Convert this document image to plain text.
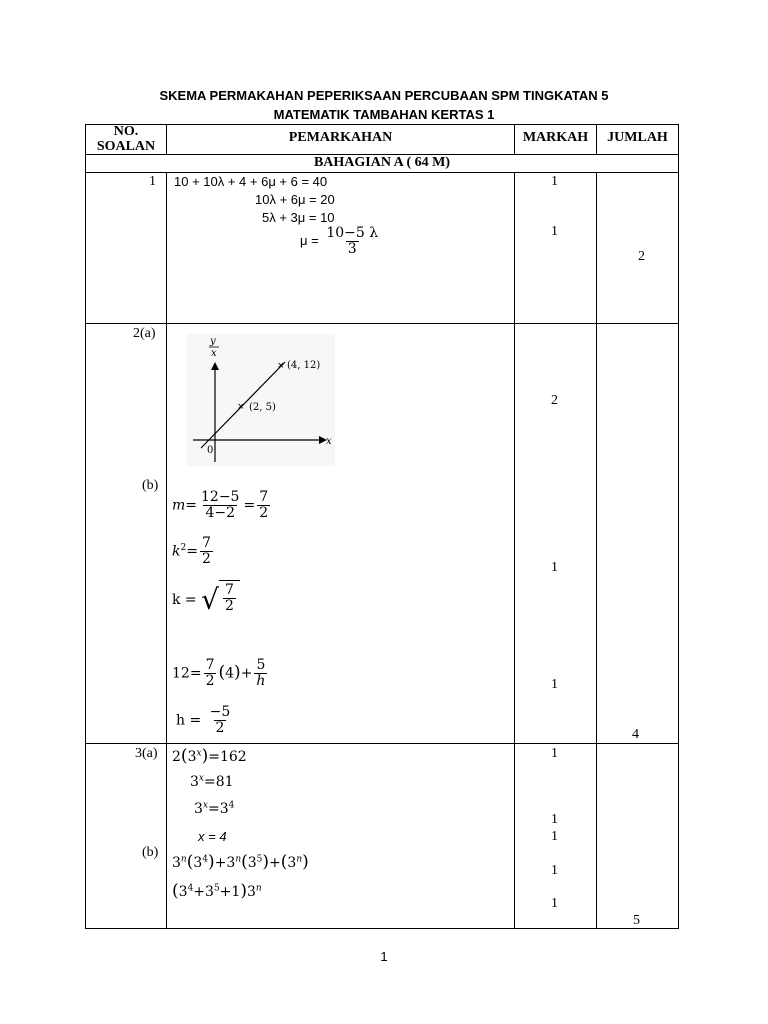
SKEMA PERMAKAHAN PEPERIKSAAN PERCUBAAN SPM TINGKATAN 5
MATEMATIK TAMBAHAN KERTAS 1
NO.
SOALAN
PEMARKAHAN	MARKAH	JUMLAH
BAHAGIAN A ( 64 M)
1 10 + 10λ + 4 + 6μ + 6 = 40
10λ + 6μ = 20
5λ + 3μ = 10
$\mu = \frac{10-5 \lambda}{3}$
1
1
2
2(a)
×
×
y
x
x
0
(4, 12)
(2, 5)
(b)
$m= \frac{12-5}{4-2} = \frac{7}{2}$
$k^2= \frac{7}{2}$
k = √ $\frac{7}{2}$
$12= \frac{7}{2} (4)+ \frac{5}{h}$
$h = \frac{-5}{2}$
2
1
1
4
3(a) $2(3^x)=162$
$3^x=81$
$3^x=3^4$
x = 4
(b)
$3^n(3^4)+3^n(3^5)+(3^n)$
$(3^4+3^5+1)3^n$
1
1
1
1
1
5
1
